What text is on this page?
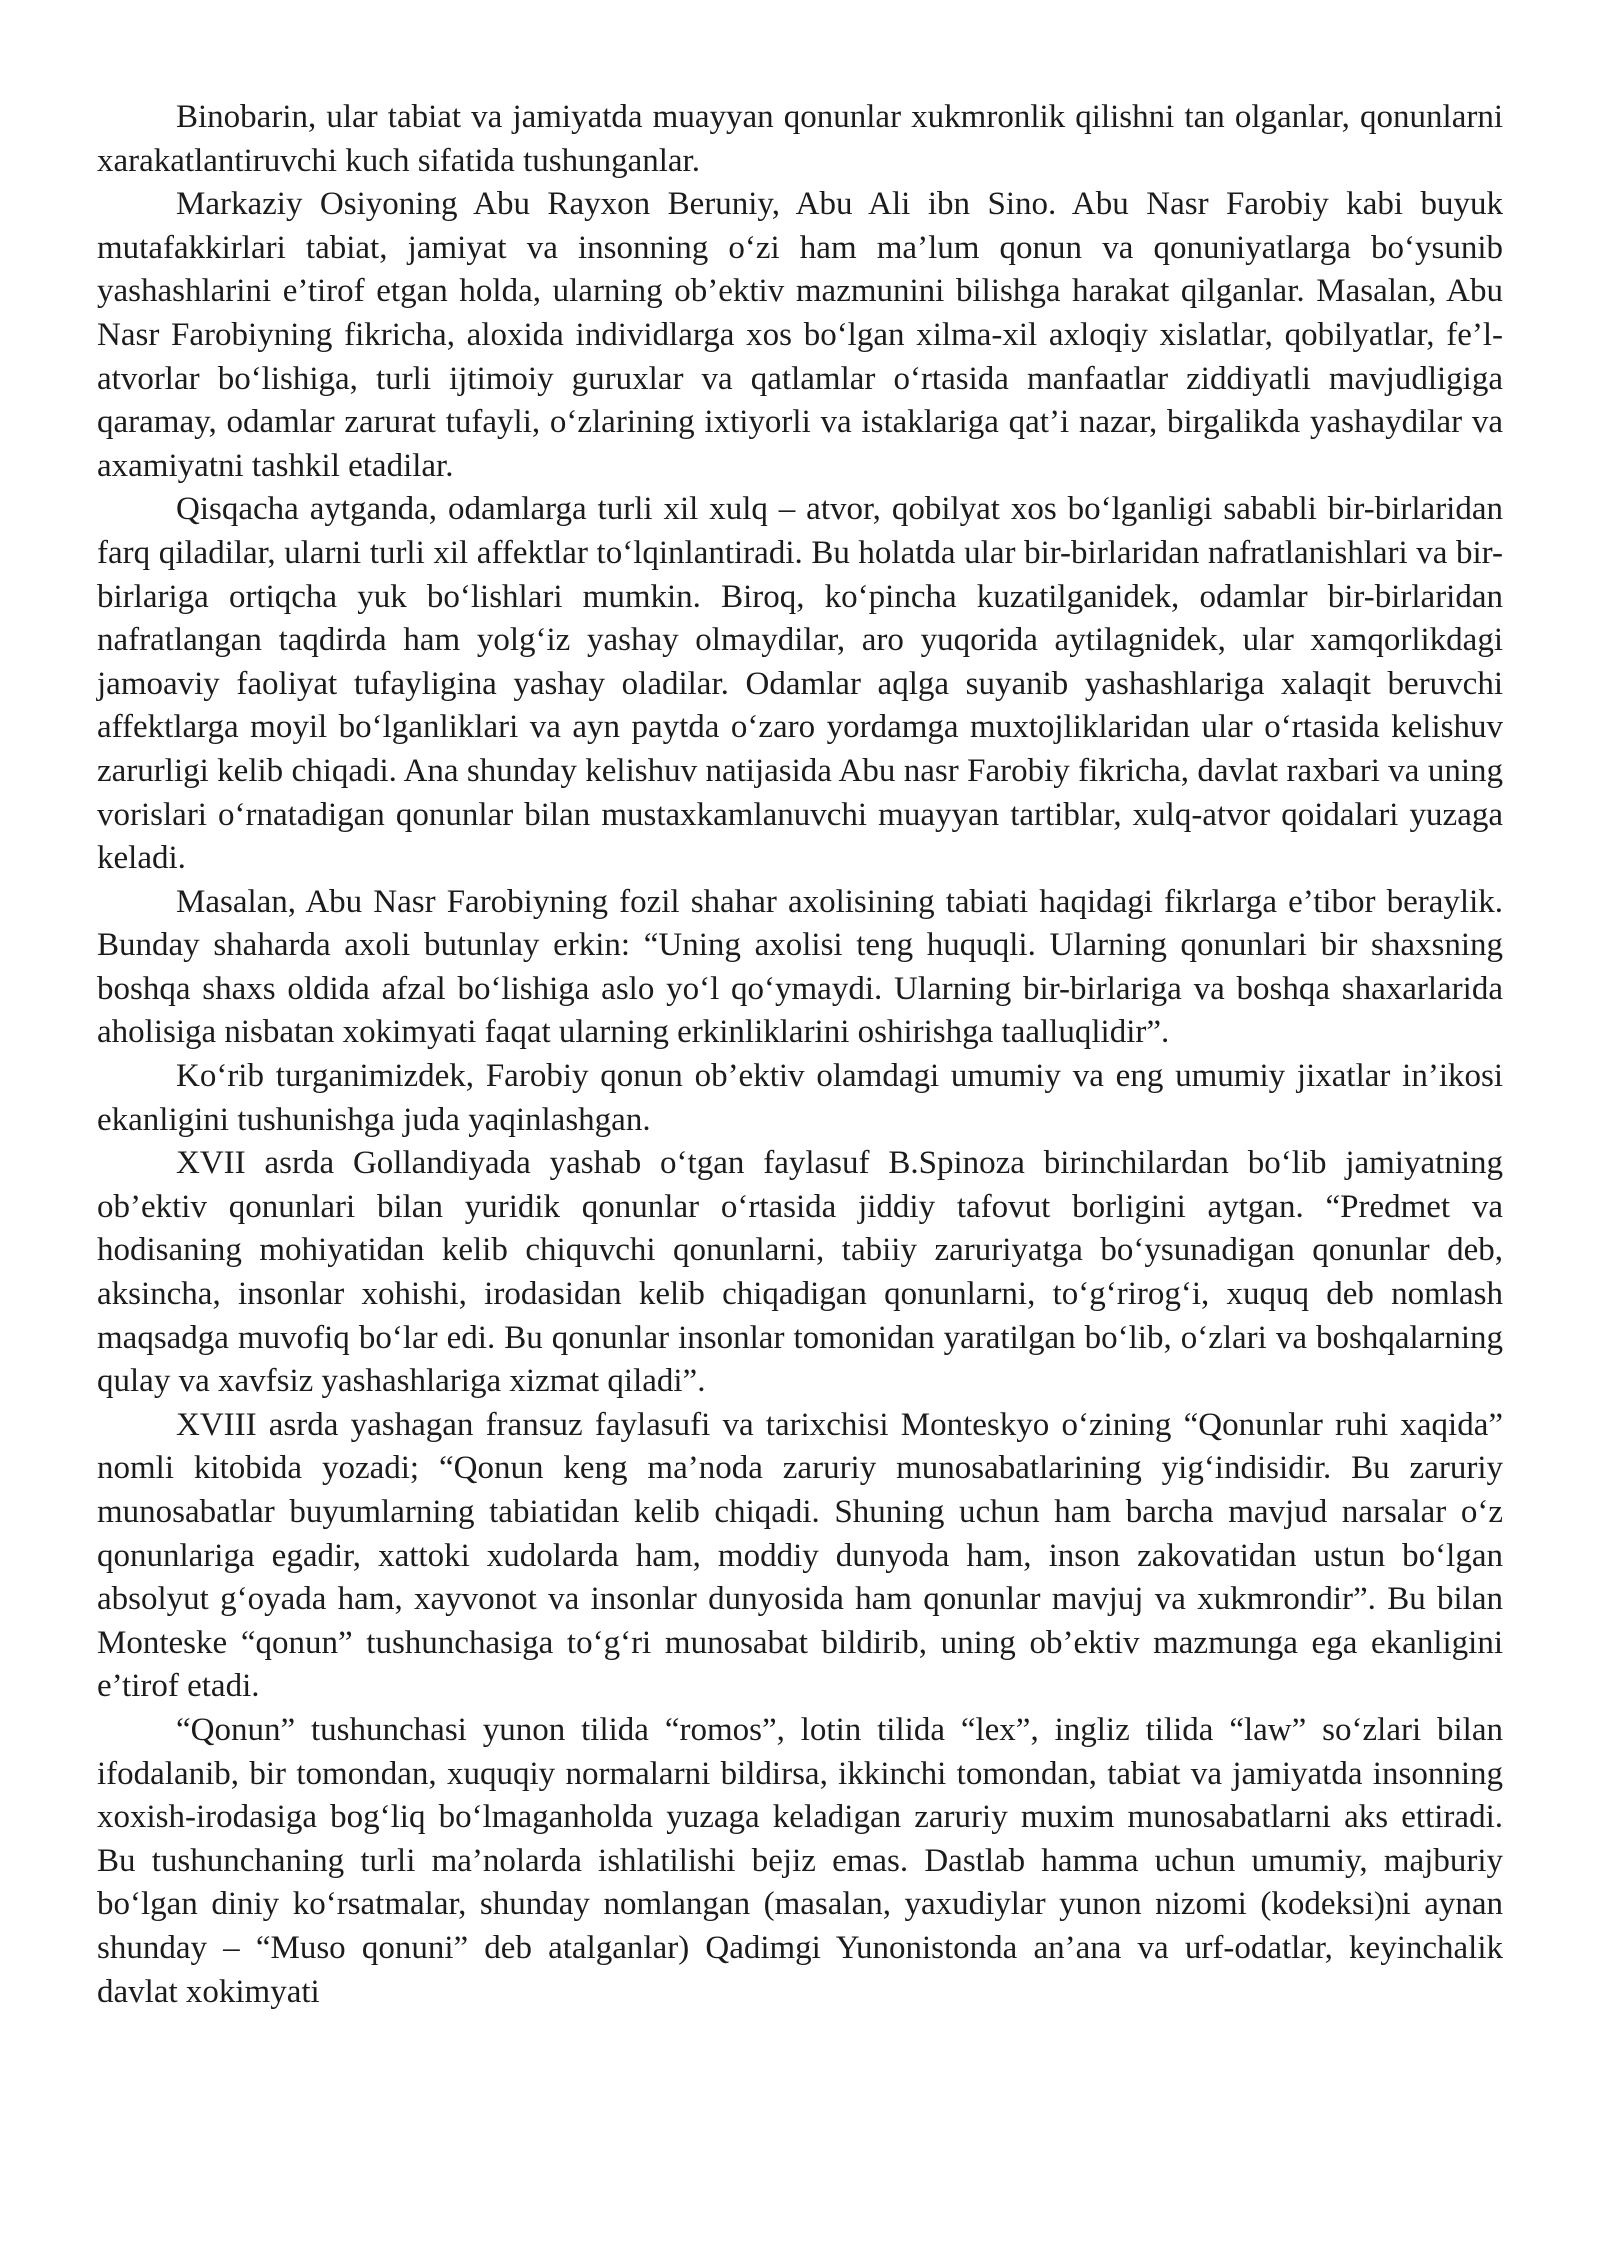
Binobarin, ular tabiat va jamiyatda muayyan qonunlar xukmronlik qilishni tan olganlar, qonunlarni xarakatlantiruvchi kuch sifatida tushunganlar.

Markaziy Osiyoning Abu Rayxon Beruniy, Abu Ali ibn Sino. Abu Nasr Farobiy kabi buyuk mutafakkirlari tabiat, jamiyat va insonning o‘zi ham ma’lum qonun va qonuniyatlarga bo‘ysunib yashashlarini e’tirof etgan holda, ularning ob’ektiv mazmunini bilishga harakat qilganlar. Masalan, Abu Nasr Farobiyning fikricha, aloxida individlarga xos bo‘lgan xilma-xil axloqiy xislatlar, qobilyatlar, fe’l-atvorlar bo‘lishiga, turli ijtimoiy guruxlar va qatlamlar o‘rtasida manfaatlar ziddiyatli mavjudligiga qaramay, odamlar zarurat tufayli, o‘zlarining ixtiyorli va istaklariga qat’i nazar, birgalikda yashaydilar va axamiyatni tashkil etadilar.

Qisqacha aytganda, odamlarga turli xil xulq – atvor, qobilyat xos bo‘lganligi sababli bir-birlaridan farq qiladilar, ularni turli xil affektlar to‘lqinlantiradi. Bu holatda ular bir-birlaridan nafratlanishlari va bir-birlariga ortiqcha yuk bo‘lishlari mumkin. Biroq, ko‘pincha kuzatilganidek, odamlar bir-birlaridan nafratlangan taqdirda ham yolg‘iz yashay olmaydilar, aro yuqorida aytilagnidek, ular xamqorlikdagi jamoaviy faoliyat tufayligina yashay oladilar. Odamlar aqlga suyanib yashashlariga xalaqit beruvchi affektlarga moyil bo‘lganliklari va ayn paytda o‘zaro yordamga muxtojliklaridan ular o‘rtasida kelishuv zarurligi kelib chiqadi. Ana shunday kelishuv natijasida Abu nasr Farobiy fikricha, davlat raxbari va uning vorislari o‘rnatadigan qonunlar bilan mustaxkamlanuvchi muayyan tartiblar, xulq-atvor qoidalari yuzaga keladi.

Masalan, Abu Nasr Farobiyning fozil shahar axolisining tabiati haqidagi fikrlarga e’tibor beraylik. Bunday shaharda axoli butunlay erkin: “Uning axolisi teng huquqli. Ularning qonunlari bir shaxsning boshqa shaxs oldida afzal bo‘lishiga aslo yo‘l qo‘ymaydi. Ularning bir-birlariga va boshqa shaxarlarida aholisiga nisbatan xokimyati faqat ularning erkinliklarini oshirishga taalluqlidir”.

Ko‘rib turganimizdek, Farobiy qonun ob’ektiv olamdagi umumiy va eng umumiy jixatlar in’ikosi ekanligini tushunishga juda yaqinlashgan.

XVII asrda Gollandiyada yashab o‘tgan faylasuf B.Spinoza birinchilardan bo‘lib jamiyatning ob’ektiv qonunlari bilan yuridik qonunlar o‘rtasida jiddiy tafovut borligini aytgan. “Predmet va hodisaning mohiyatidan kelib chiquvchi qonunlarni, tabiiy zaruriyatga bo‘ysunadigan qonunlar deb, aksincha, insonlar xohishi, irodasidan kelib chiqadigan qonunlarni, to‘g‘rirog‘i, xuquq deb nomlash maqsadga muvofiq bo‘lar edi. Bu qonunlar insonlar tomonidan yaratilgan bo‘lib, o‘zlari va boshqalarning qulay va xavfsiz yashashlariga xizmat qiladi”.

XVIII asrda yashagan fransuz faylasufi va tarixchisi Monteskyo o‘zining “Qonunlar ruhi xaqida” nomli kitobida yozadi; “Qonun keng ma’noda zaruriy munosabatlarining yig‘indisidir. Bu zaruriy munosabatlar buyumlarning tabiatidan kelib chiqadi. Shuning uchun ham barcha mavjud narsalar o‘z qonunlariga egadir, xattoki xudolarda ham, moddiy dunyoda ham, inson zakovatidan ustun bo‘lgan absolyut g‘oyada ham, xayvonot va insonlar dunyosida ham qonunlar mavjuj va xukmrondir”. Bu bilan Monteske “qonun” tushunchasiga to‘g‘ri munosabat bildirib, uning ob’ektiv mazmunga ega ekanligini e’tirof etadi.

“Qonun” tushunchasi yunon tilida “romos”, lotin tilida “lex”, ingliz tilida “law” so‘zlari bilan ifodalanib, bir tomondan, xuquqiy normalarni bildirsa, ikkinchi tomondan, tabiat va jamiyatda insonning xoxish-irodasiga bog‘liq bo‘lmaganholda yuzaga keladigan zaruriy muxim munosabatlarni aks ettiradi. Bu tushunchaning turli ma’nolarda ishlatilishi bejiz emas. Dastlab hamma uchun umumiy, majburiy bo‘lgan diniy ko‘rsatmalar, shunday nomlangan (masalan, yaxudiylar yunon nizomi (kodeksi)ni aynan shunday – “Muso qonuni” deb atalganlar) Qadimgi Yunonistonda an’ana va urf-odatlar, keyinchalik davlat xokimyati
